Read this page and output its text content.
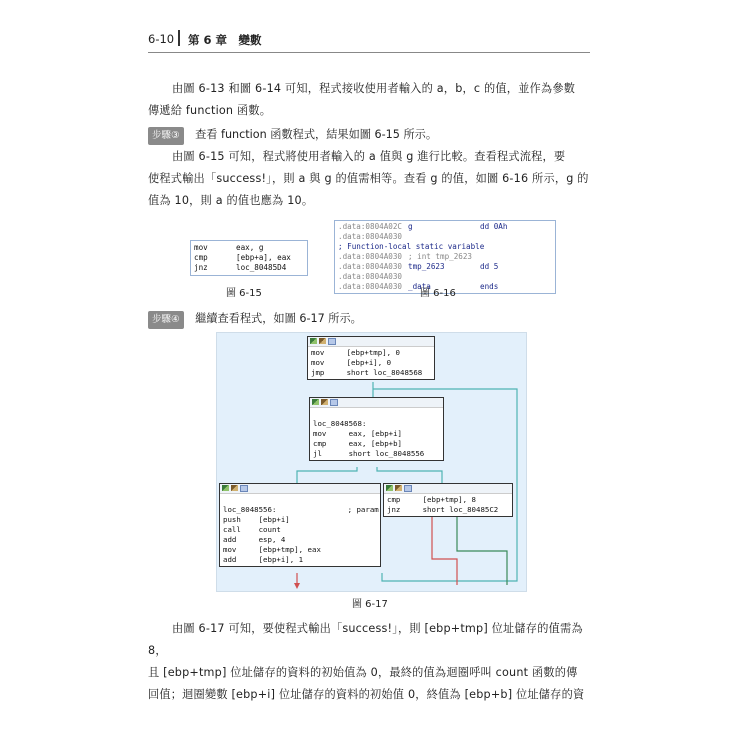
6-10 第 6 章　變數
由圖 6-13 和圖 6-14 可知，程式接收使用者輸入的 a，b，c 的值，並作為參數
傳遞給 function 函數。
步驟③ 查看 function 函數程式，結果如圖 6-15 所示。
由圖 6-15 可知，程式將使用者輸入的 a 值與 g 進行比較。查看程式流程，要
使程式輸出「success!」，則 a 與 g 的值需相等。查看 g 的值，如圖 6-16 所示，g 的
值為 10，則 a 的值也應為 10。
mov	eax, g
cmp	[ebp+a], eax
jnz	loc_80485D4
圖 6-15
.data:0804A02C g	dd 0Ah
.data:0804A030; Function-local static variable
.data:0804A030 ; int tmp_2623
.data:0804A030 tmp_2623	dd 5
.data:0804A030
.data:0804A030 _data	ends
圖 6-16
步驟④ 繼續查看程式，如圖 6-17 所示。
mov     [ebp+tmp], 0
mov     [ebp+i], 0
jmp     short loc_8048568
loc_8048568:
mov     eax, [ebp+i]
cmp     eax, [ebp+b]
jl      short loc_8048556
loc_8048556:                ; param
push    [ebp+i]
call    count
add     esp, 4
mov     [ebp+tmp], eax
add     [ebp+i], 1
cmp     [ebp+tmp], 8
jnz     short loc_80485C2
圖 6-17
由圖 6-17 可知，要使程式輸出「success!」，則 [ebp+tmp] 位址儲存的值需為 8，
且 [ebp+tmp] 位址儲存的資料的初始值為 0，最終的值為迴圈呼叫 count 函數的傳
回值；迴圈變數 [ebp+i] 位址儲存的資料的初始值 0，終值為 [ebp+b] 位址儲存的資
